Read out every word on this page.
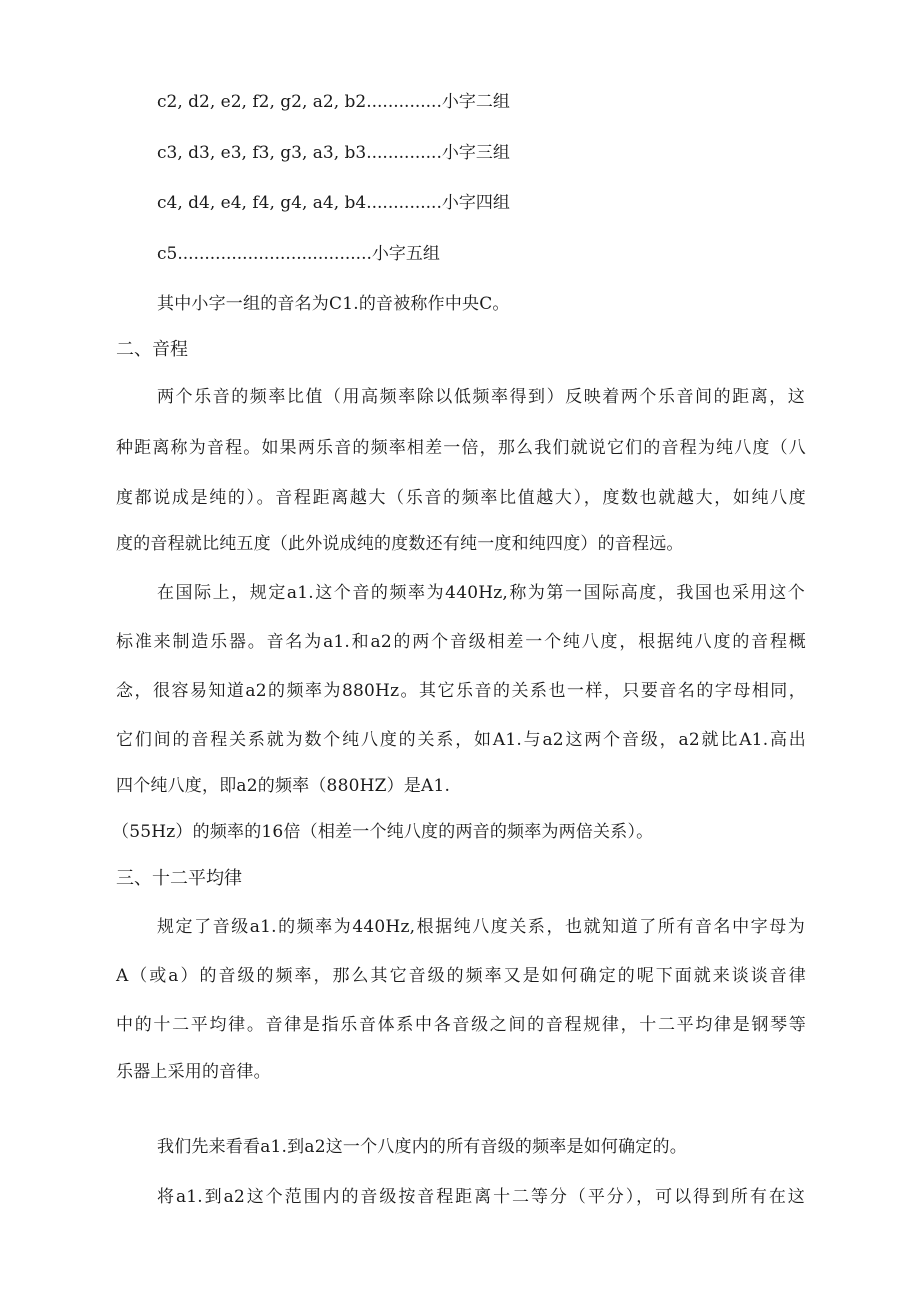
c2, d2, e2, f2, g2, a2, b2..............小字二组
c3, d3, e3, f3, g3, a3, b3..............小字三组
c4, d4, e4, f4, g4, a4, b4..............小字四组
c5....................................小字五组
其中小字一组的音名为C1.的音被称作中央C。
二、音程
两个乐音的频率比值（用高频率除以低频率得到）反映着两个乐音间的距离，这
种距离称为音程。如果两乐音的频率相差一倍，那么我们就说它们的音程为纯八度（八
度都说成是纯的）。音程距离越大（乐音的频率比值越大），度数也就越大，如纯八度
度的音程就比纯五度（此外说成纯的度数还有纯一度和纯四度）的音程远。
在国际上，规定a1.这个音的频率为440Hz,称为第一国际高度，我国也采用这个
标准来制造乐器。音名为a1.和a2的两个音级相差一个纯八度，根据纯八度的音程概
念，很容易知道a2的频率为880Hz。其它乐音的关系也一样，只要音名的字母相同，
它们间的音程关系就为数个纯八度的关系，如A1.与a2这两个音级，a2就比A1.高出
四个纯八度，即a2的频率（880HZ）是A1.
（55Hz）的频率的16倍（相差一个纯八度的两音的频率为两倍关系）。
三、十二平均律
规定了音级a1.的频率为440Hz,根据纯八度关系，也就知道了所有音名中字母为
A（或a）的音级的频率，那么其它音级的频率又是如何确定的呢下面就来谈谈音律
中的十二平均律。音律是指乐音体系中各音级之间的音程规律，十二平均律是钢琴等
乐器上采用的音律。
我们先来看看a1.到a2这一个八度内的所有音级的频率是如何确定的。
将a1.到a2这个范围内的音级按音程距离十二等分（平分），可以得到所有在这
